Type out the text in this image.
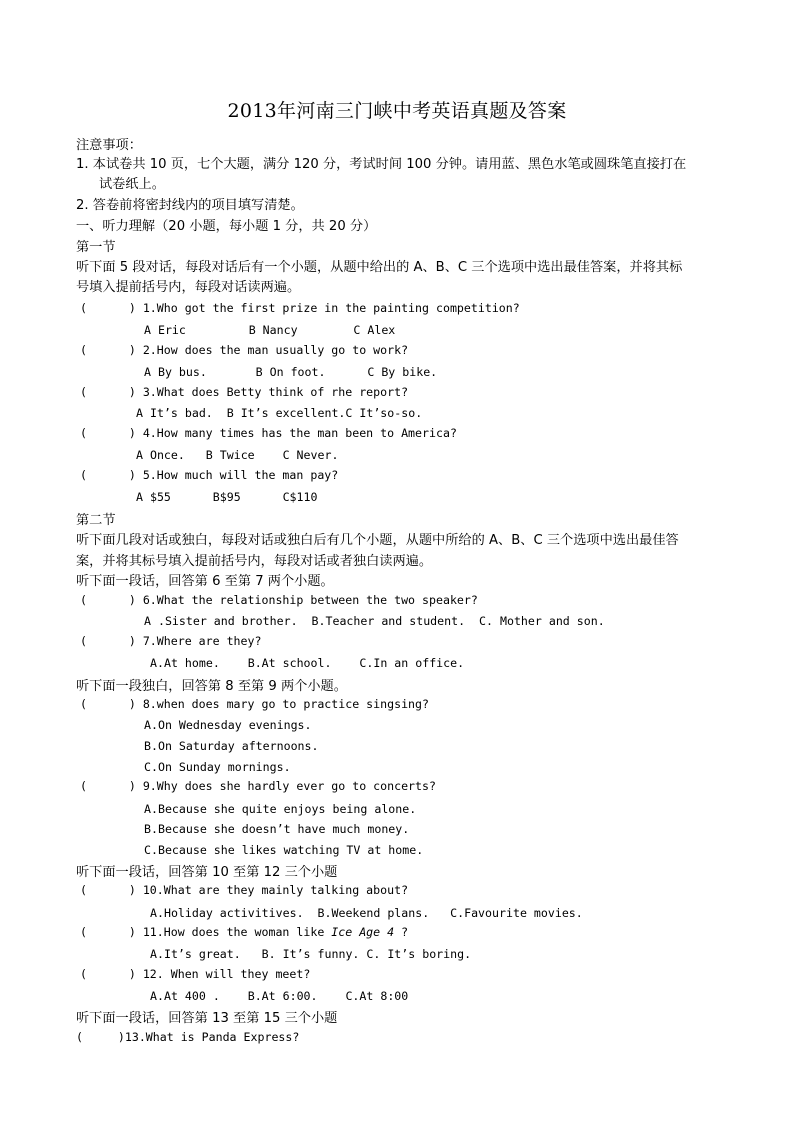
2013年河南三门峡中考英语真题及答案
注意事项：
1. 本试卷共 10 页，七个大题，满分 120 分，考试时间 100 分钟。请用蓝、黑色水笔或圆珠笔直接打在
试卷纸上。
2. 答卷前将密封线内的项目填写清楚。
一、听力理解（20 小题，每小题 1 分，共 20 分）
第一节
听下面 5 段对话，每段对话后有一个小题，从题中给出的 A、B、C 三个选项中选出最佳答案，并将其标
号填入提前括号内，每段对话读两遍。
(      ) 1.Who got the first prize in the painting competition?
A Eric         B Nancy        C Alex
(      ) 2.How does the man usually go to work?
A By bus.       B On foot.      C By bike.
(      ) 3.What does Betty think of rhe report?
A It’s bad.  B It’s excellent.C It’so-so.
(      ) 4.How many times has the man been to America?
A Once.   B Twice    C Never.
(      ) 5.How much will the man pay?
A $55      B$95      C$110
第二节
听下面几段对话或独白，每段对话或独白后有几个小题，从题中所给的 A、B、C 三个选项中选出最佳答
案，并将其标号填入提前括号内，每段对话或者独白读两遍。
听下面一段话，回答第 6 至第 7 两个小题。
(      ) 6.What the relationship between the two speaker?
A .Sister and brother.  B.Teacher and student.  C. Mother and son.
(      ) 7.Where are they?
A.At home.    B.At school.    C.In an office.
听下面一段独白，回答第 8 至第 9 两个小题。
(      ) 8.when does mary go to practice singsing?
A.On Wednesday evenings.
B.On Saturday afternoons.
C.On Sunday mornings.
(      ) 9.Why does she hardly ever go to concerts?
A.Because she quite enjoys being alone.
B.Because she doesn’t have much money.
C.Because she likes watching TV at home.
听下面一段话，回答第 10 至第 12 三个小题
(      ) 10.What are they mainly talking about?
A.Holiday activitives.  B.Weekend plans.   C.Favourite movies.
(      ) 11.How does the woman like Ice Age 4 ?
A.It’s great.   B. It’s funny. C. It’s boring.
(      ) 12. When will they meet?
A.At 400 .    B.At 6:00.    C.At 8:00
听下面一段话，回答第 13 至第 15 三个小题
(     )13.What is Panda Express?
